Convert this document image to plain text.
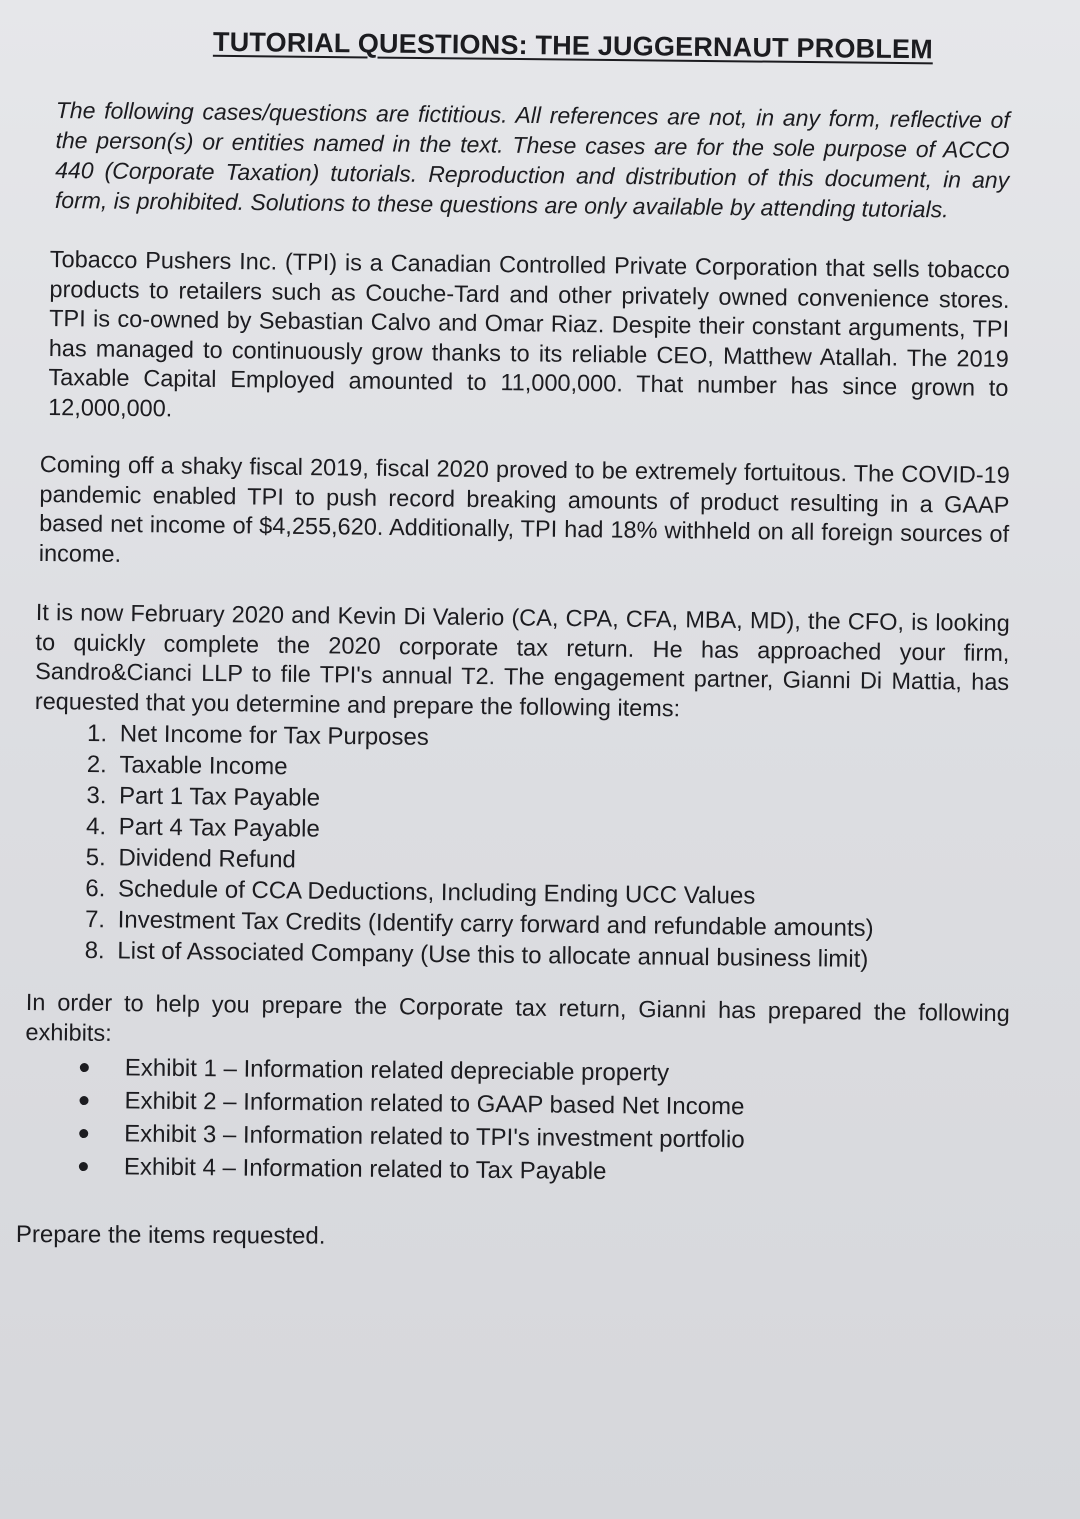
TUTORIAL QUESTIONS: THE JUGGERNAUT PROBLEM

The following cases/questions are fictitious. All references are not, in any form, reflective of the person(s) or entities named in the text. These cases are for the sole purpose of ACCO 440 (Corporate Taxation) tutorials. Reproduction and distribution of this document, in any form, is prohibited. Solutions to these questions are only available by attending tutorials.

Tobacco Pushers Inc. (TPI) is a Canadian Controlled Private Corporation that sells tobacco products to retailers such as Couche-Tard and other privately owned convenience stores. TPI is co-owned by Sebastian Calvo and Omar Riaz. Despite their constant arguments, TPI has managed to continuously grow thanks to its reliable CEO, Matthew Atallah. The 2019 Taxable Capital Employed amounted to 11,000,000. That number has since grown to 12,000,000.

Coming off a shaky fiscal 2019, fiscal 2020 proved to be extremely fortuitous. The COVID-19 pandemic enabled TPI to push record breaking amounts of product resulting in a GAAP based net income of $4,255,620. Additionally, TPI had 18% withheld on all foreign sources of income.

It is now February 2020 and Kevin Di Valerio (CA, CPA, CFA, MBA, MD), the CFO, is looking to quickly complete the 2020 corporate tax return. He has approached your firm, Sandro&Cianci LLP to file TPI's annual T2. The engagement partner, Gianni Di Mattia, has requested that you determine and prepare the following items:

1. Net Income for Tax Purposes
2. Taxable Income
3. Part 1 Tax Payable
4. Part 4 Tax Payable
5. Dividend Refund
6. Schedule of CCA Deductions, Including Ending UCC Values
7. Investment Tax Credits (Identify carry forward and refundable amounts)
8. List of Associated Company (Use this to allocate annual business limit)

In order to help you prepare the Corporate tax return, Gianni has prepared the following exhibits:

Exhibit 1 – Information related depreciable property
Exhibit 2 – Information related to GAAP based Net Income
Exhibit 3 – Information related to TPI's investment portfolio
Exhibit 4 – Information related to Tax Payable

Prepare the items requested.
